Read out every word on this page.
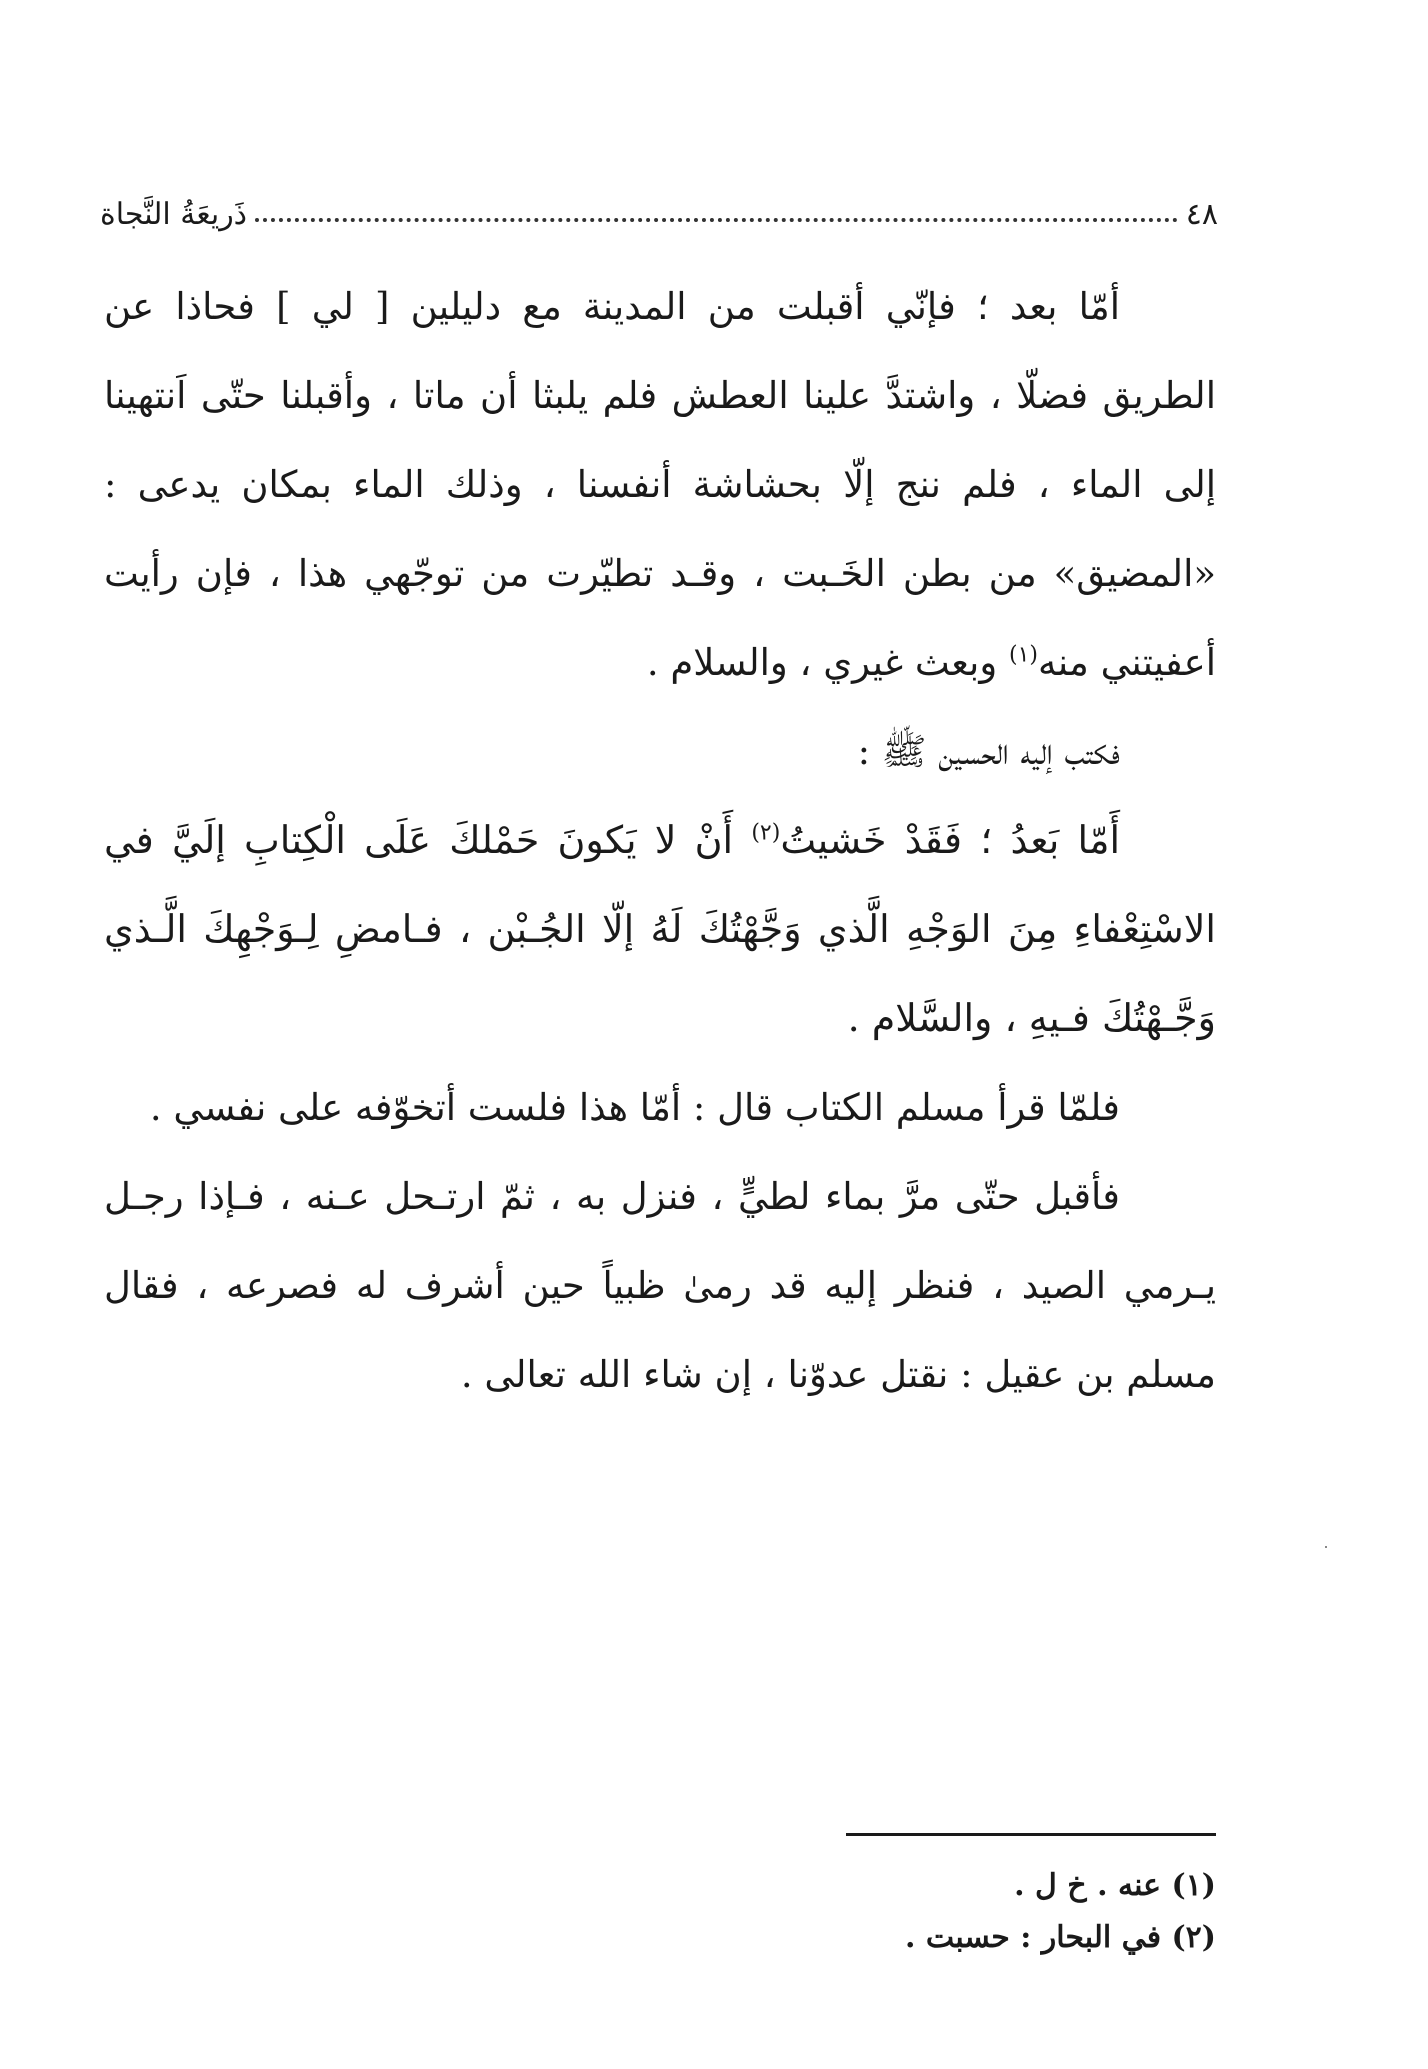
٤٨
ذَريعَةُ النَّجاة

أمّا بعد ؛ فإنّي أقبلت من المدينة مع دليلين [ لي ] فحاذا عن الطريق فضلّا ، واشتدَّ علينا العطش فلم يلبثا أن ماتا ، وأقبلنا حتّى اَنتهينا إلى الماء ، فلم ننج إلّا بحشاشة أنفسنا ، وذلك الماء بمكان يدعى : «المضيق» من بطن الخَـبت ، وقـد تطيّرت من توجّهي هذا ، فإن رأيت أعفيتني منه$^{(١)}$ وبعث غيري ، والسلام .

فكتب إليه الحسين ﷺ :

أَمّا بَعدُ ؛ فَقَدْ خَشيتُ$^{(٢)}$ أَنْ لا يَكونَ حَمْلكَ عَلَى الْكِتابِ إلَيَّ في الاسْتِعْفاءِ مِنَ الوَجْهِ الَّذي وَجَّهْتُكَ لَهُ إلّا الجُـبْن ، فـامضِ لِـوَجْهِكَ الَّـذي وَجَّـهْتُكَ فـيهِ ، والسَّلام .

فلمّا قرأ مسلم الكتاب قال : أمّا هذا فلست أتخوّفه على نفسي .

فأقبل حتّى مرَّ بماء لطيٍّ ، فنزل به ، ثمّ ارتـحل عـنه ، فـإذا رجـل يـرمي الصيد ، فنظر إليه قد رمىٰ ظبياً حين أشرف له فصرعه ، فقال مسلم بن عقيل : نقتل عدوّنا ، إن شاء الله تعالى .

(١) عنه . خ ل .

(٢) في البحار : حسبت .
